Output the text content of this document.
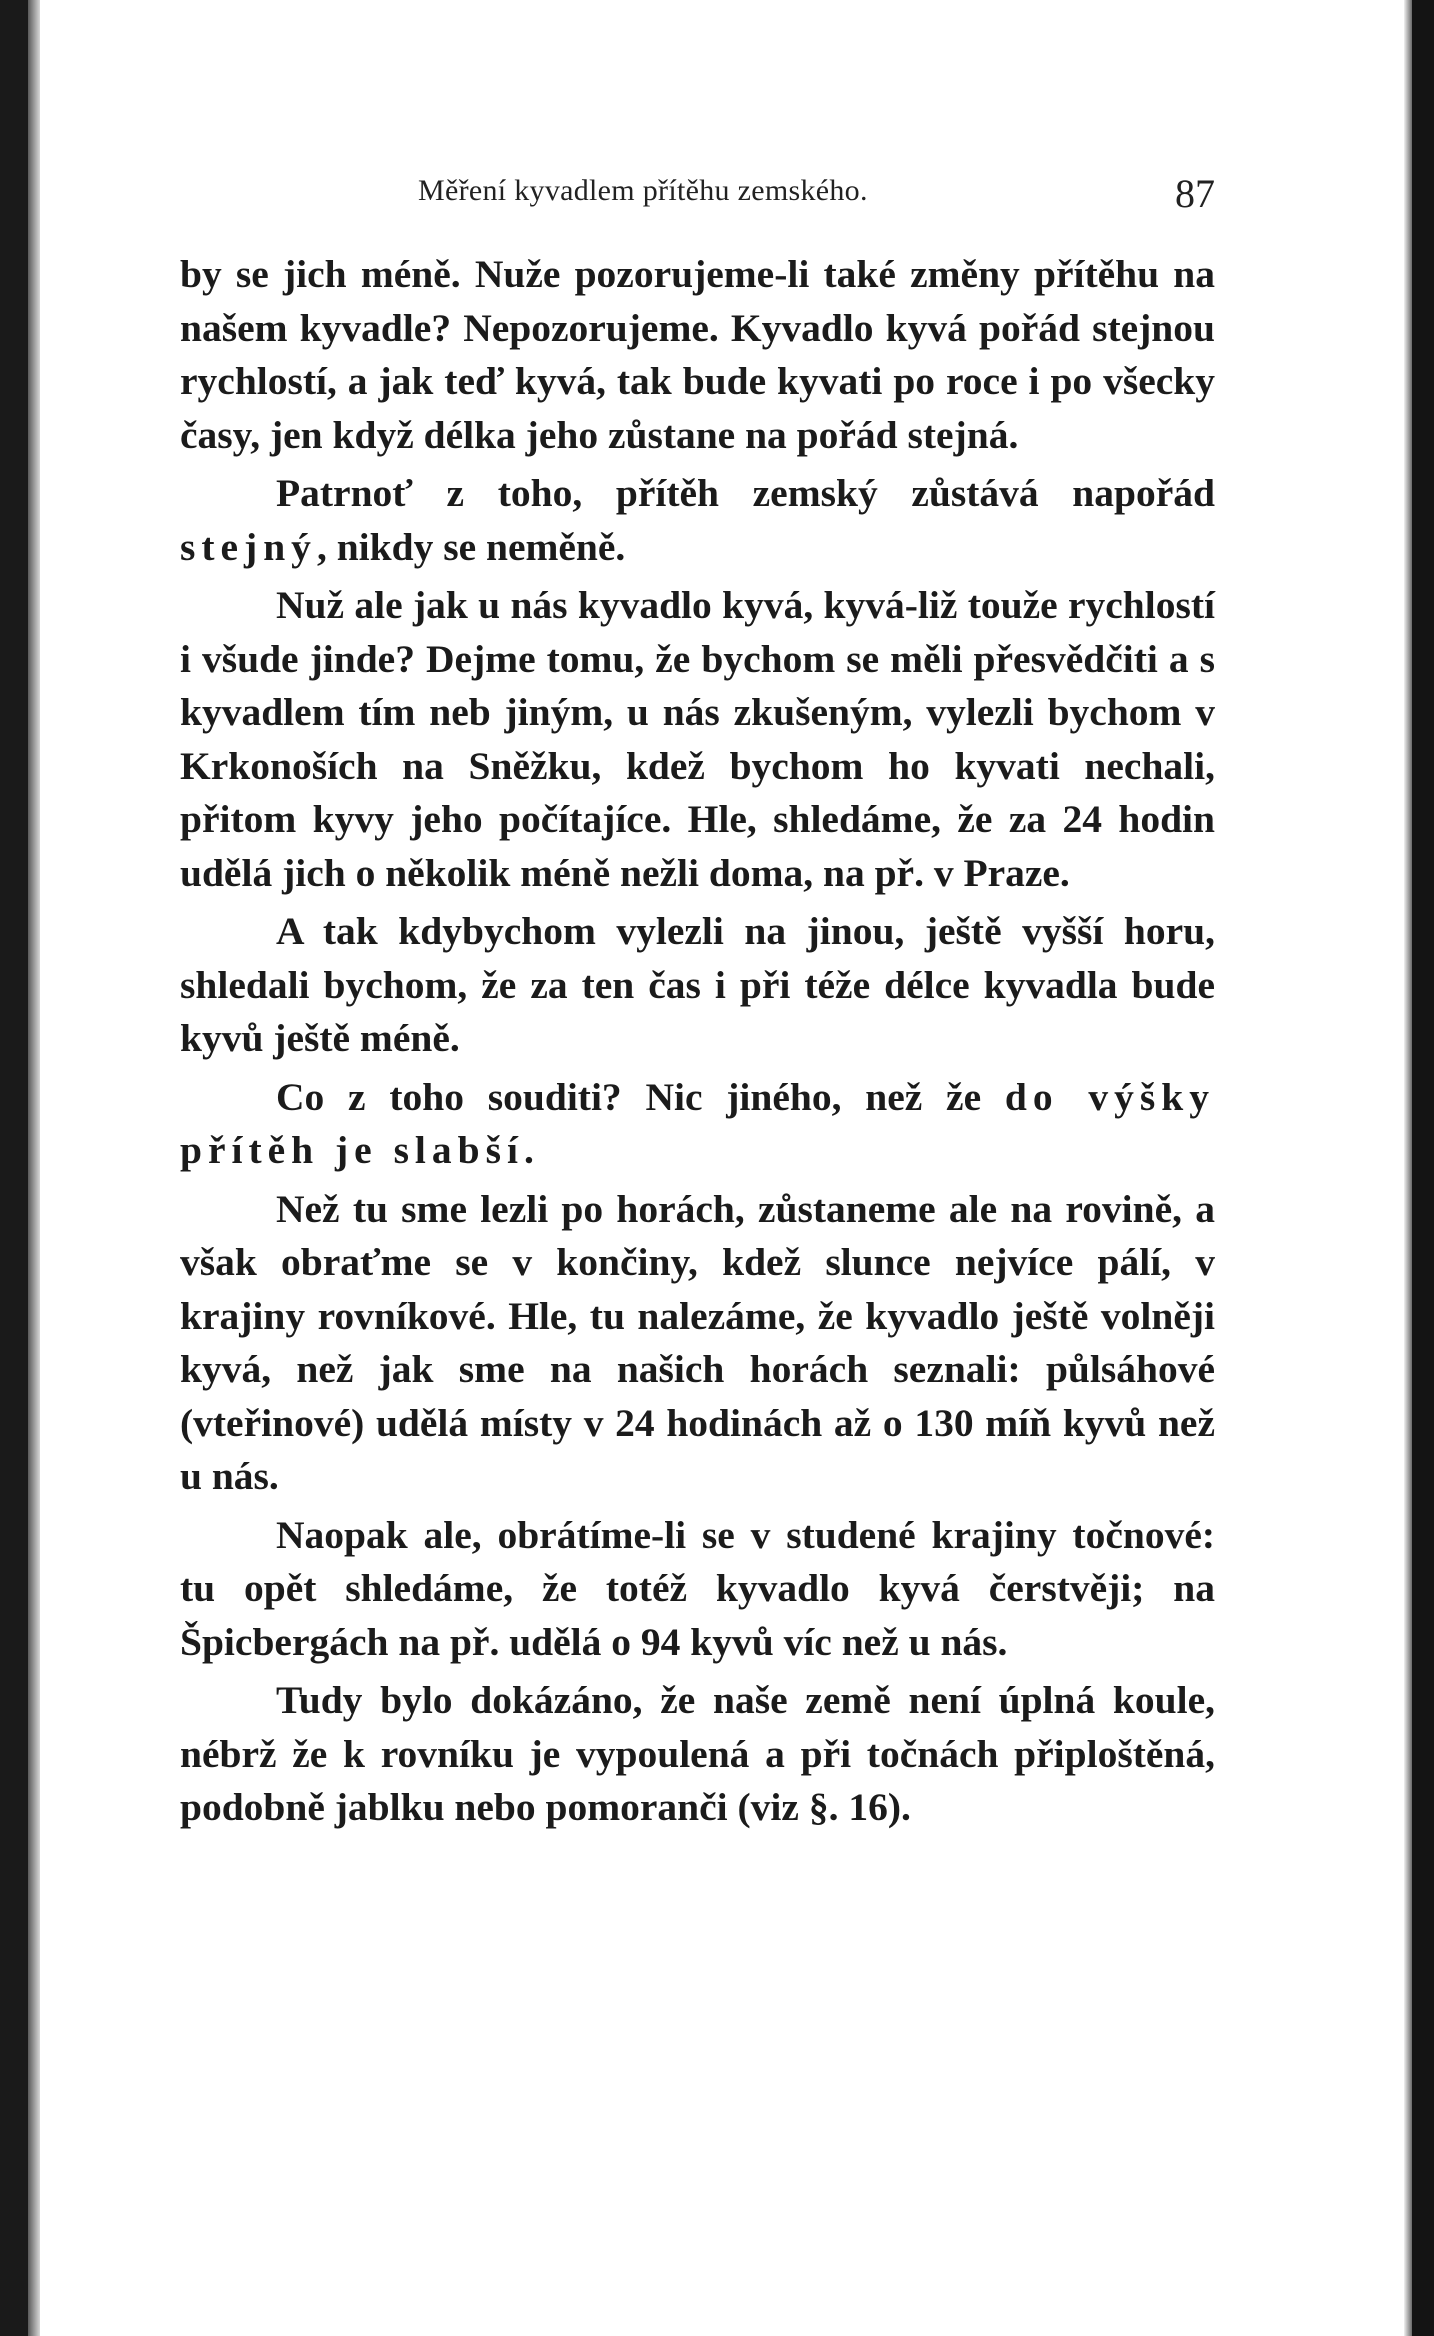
Měření kyvadlem přítěhu zemského.	87

by se jich méně. Nuže pozorujeme-li také změny přítěhu na našem kyvadle? Nepozorujeme. Kyvadlo kyvá pořád stejnou rychlostí, a jak teď kyvá, tak bude kyvati po roce i po všecky časy, jen když délka jeho zůstane na pořád stejná.

Patrnoť z toho, přítěh zemský zůstává napořád stejný, nikdy se neměně.

Nuž ale jak u nás kyvadlo kyvá, kyvá-liž touže rychlostí i všude jinde? Dejme tomu, že bychom se měli přesvědčiti a s kyvadlem tím neb jiným, u nás zkušeným, vylezli bychom v Krkonoších na Sněžku, kdež bychom ho kyvati nechali, přitom kyvy jeho počítajíce. Hle, shledáme, že za 24 hodin udělá jich o několik méně nežli doma, na př. v Praze.

A tak kdybychom vylezli na jinou, ještě vyšší horu, shledali bychom, že za ten čas i při téže délce kyvadla bude kyvů ještě méně.

Co z toho souditi? Nic jiného, než že do výšky přítěh je slabší.

Než tu sme lezli po horách, zůstaneme ale na rovině, a však obraťme se v končiny, kdež slunce nejvíce pálí, v krajiny rovníkové. Hle, tu nalezáme, že kyvadlo ještě volněji kyvá, než jak sme na našich horách seznali: půlsáhové (vteřinové) udělá místy v 24 hodinách až o 130 míň kyvů než u nás.

Naopak ale, obrátíme-li se v studené krajiny točnové: tu opět shledáme, že totéž kyvadlo kyvá čerstvěji; na Špicbergách na př. udělá o 94 kyvů víc než u nás.

Tudy bylo dokázáno, že naše země není úplná koule, nébrž že k rovníku je vypoulená a při točnách připloštěná, podobně jablku nebo pomoranči (viz §. 16).
